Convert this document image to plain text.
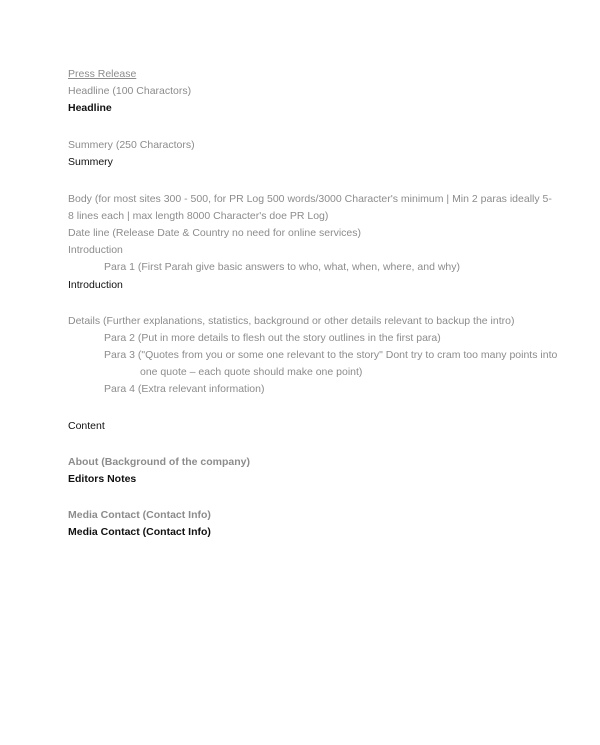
Press Release
Headline (100 Charactors)
Headline
Summery (250 Charactors)
Summery
Body (for most sites 300 - 500, for PR Log 500 words/3000 Character's minimum | Min 2 paras ideally 5-
8 lines each | max length 8000 Character's doe PR Log)
Date line (Release Date & Country no need for online services)
Introduction
Para 1 (First Parah give basic answers to who, what, when, where, and why)
Introduction
Details (Further explanations, statistics, background or other details relevant to backup the intro)
Para 2 (Put in more details to flesh out the story outlines in the first para)
Para 3 ("Quotes from you or some one relevant to the story" Dont try to cram too many points into
one quote – each quote should make one point)
Para 4 (Extra relevant information)
Content
About (Background of the company)
Editors Notes
Media Contact (Contact Info)
Media Contact (Contact Info)
